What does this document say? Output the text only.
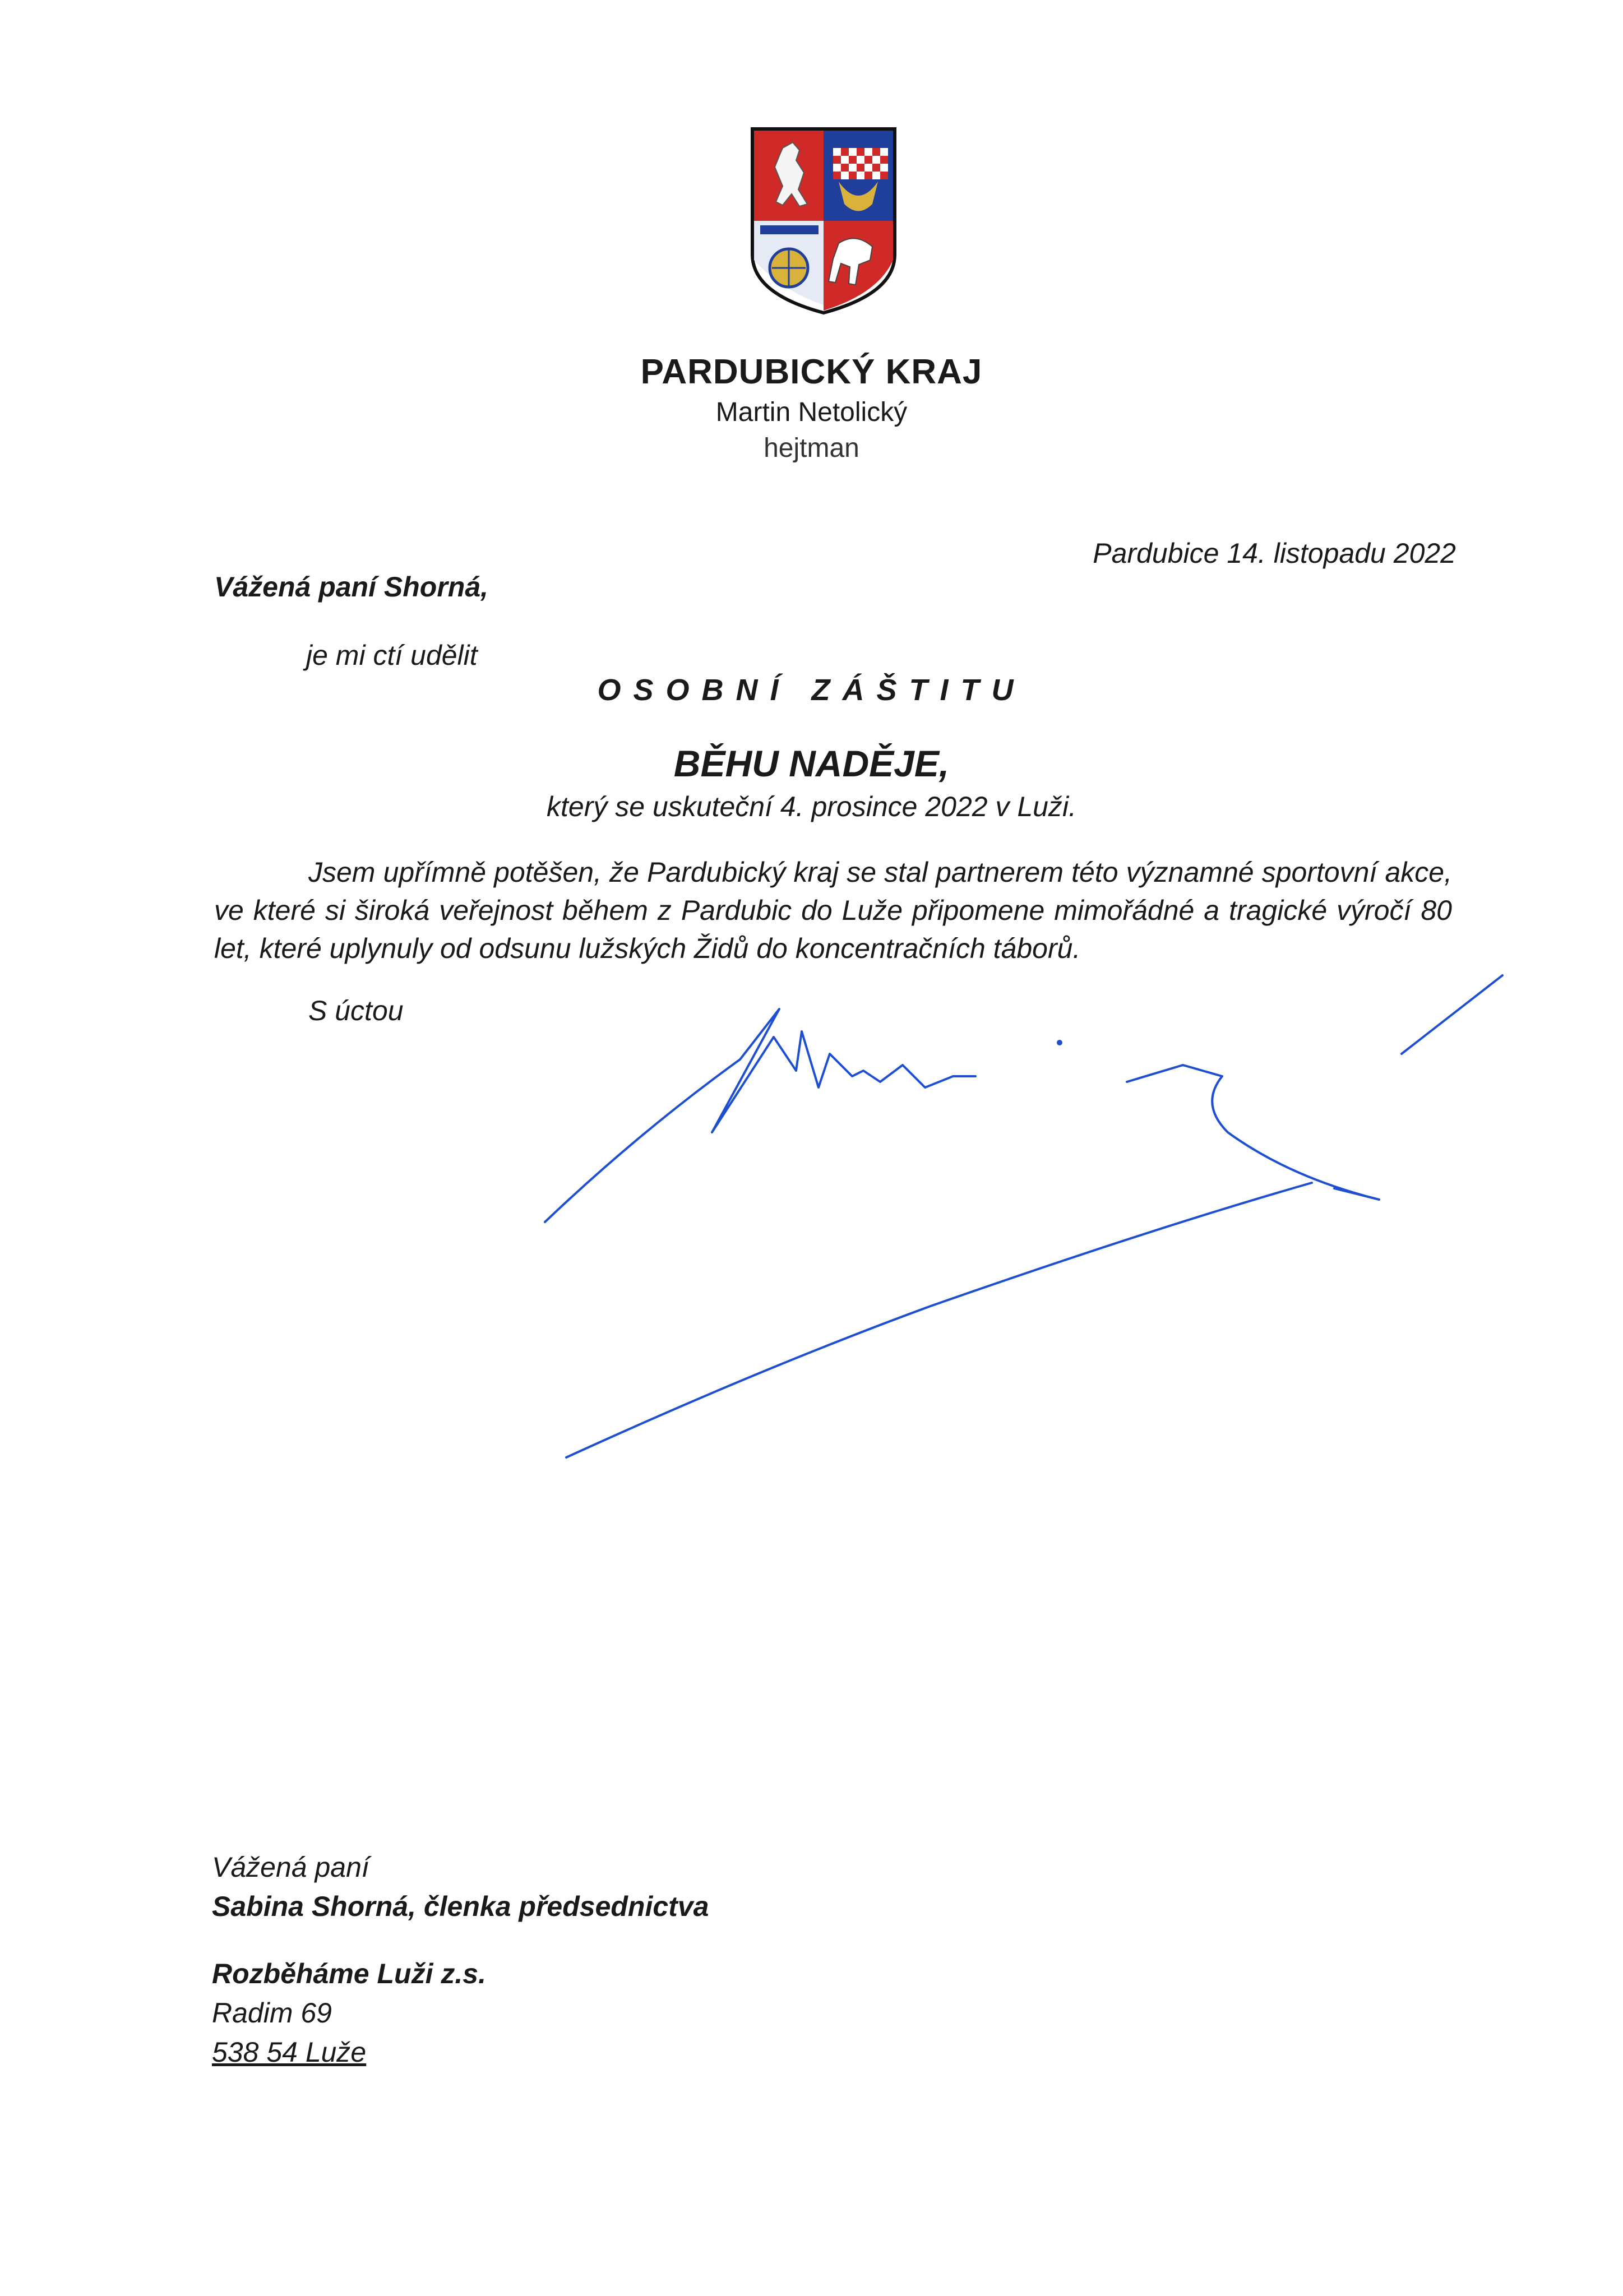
PARDUBICKÝ KRAJ
Martin Netolický
hejtman
Pardubice 14. listopadu 2022
Vážená paní Shorná,
je mi ctí udělit
OSOBNÍ ZÁŠTITU
BĚHU NADĚJE,
který se uskuteční 4. prosince 2022 v Luži.

Jsem upřímně potěšen, že Pardubický kraj se stal partnerem této významné sportovní akce, ve které si široká veřejnost během z Pardubic do Luže připomene mimořádné a tragické výročí 80 let, které uplynuly od odsunu lužských Židů do koncentračních táborů.

S úctou
Vážená paní
Sabina Shorná, členka předsednictva
Rozběháme Luži z.s.
Radim 69
538 54 Luže
